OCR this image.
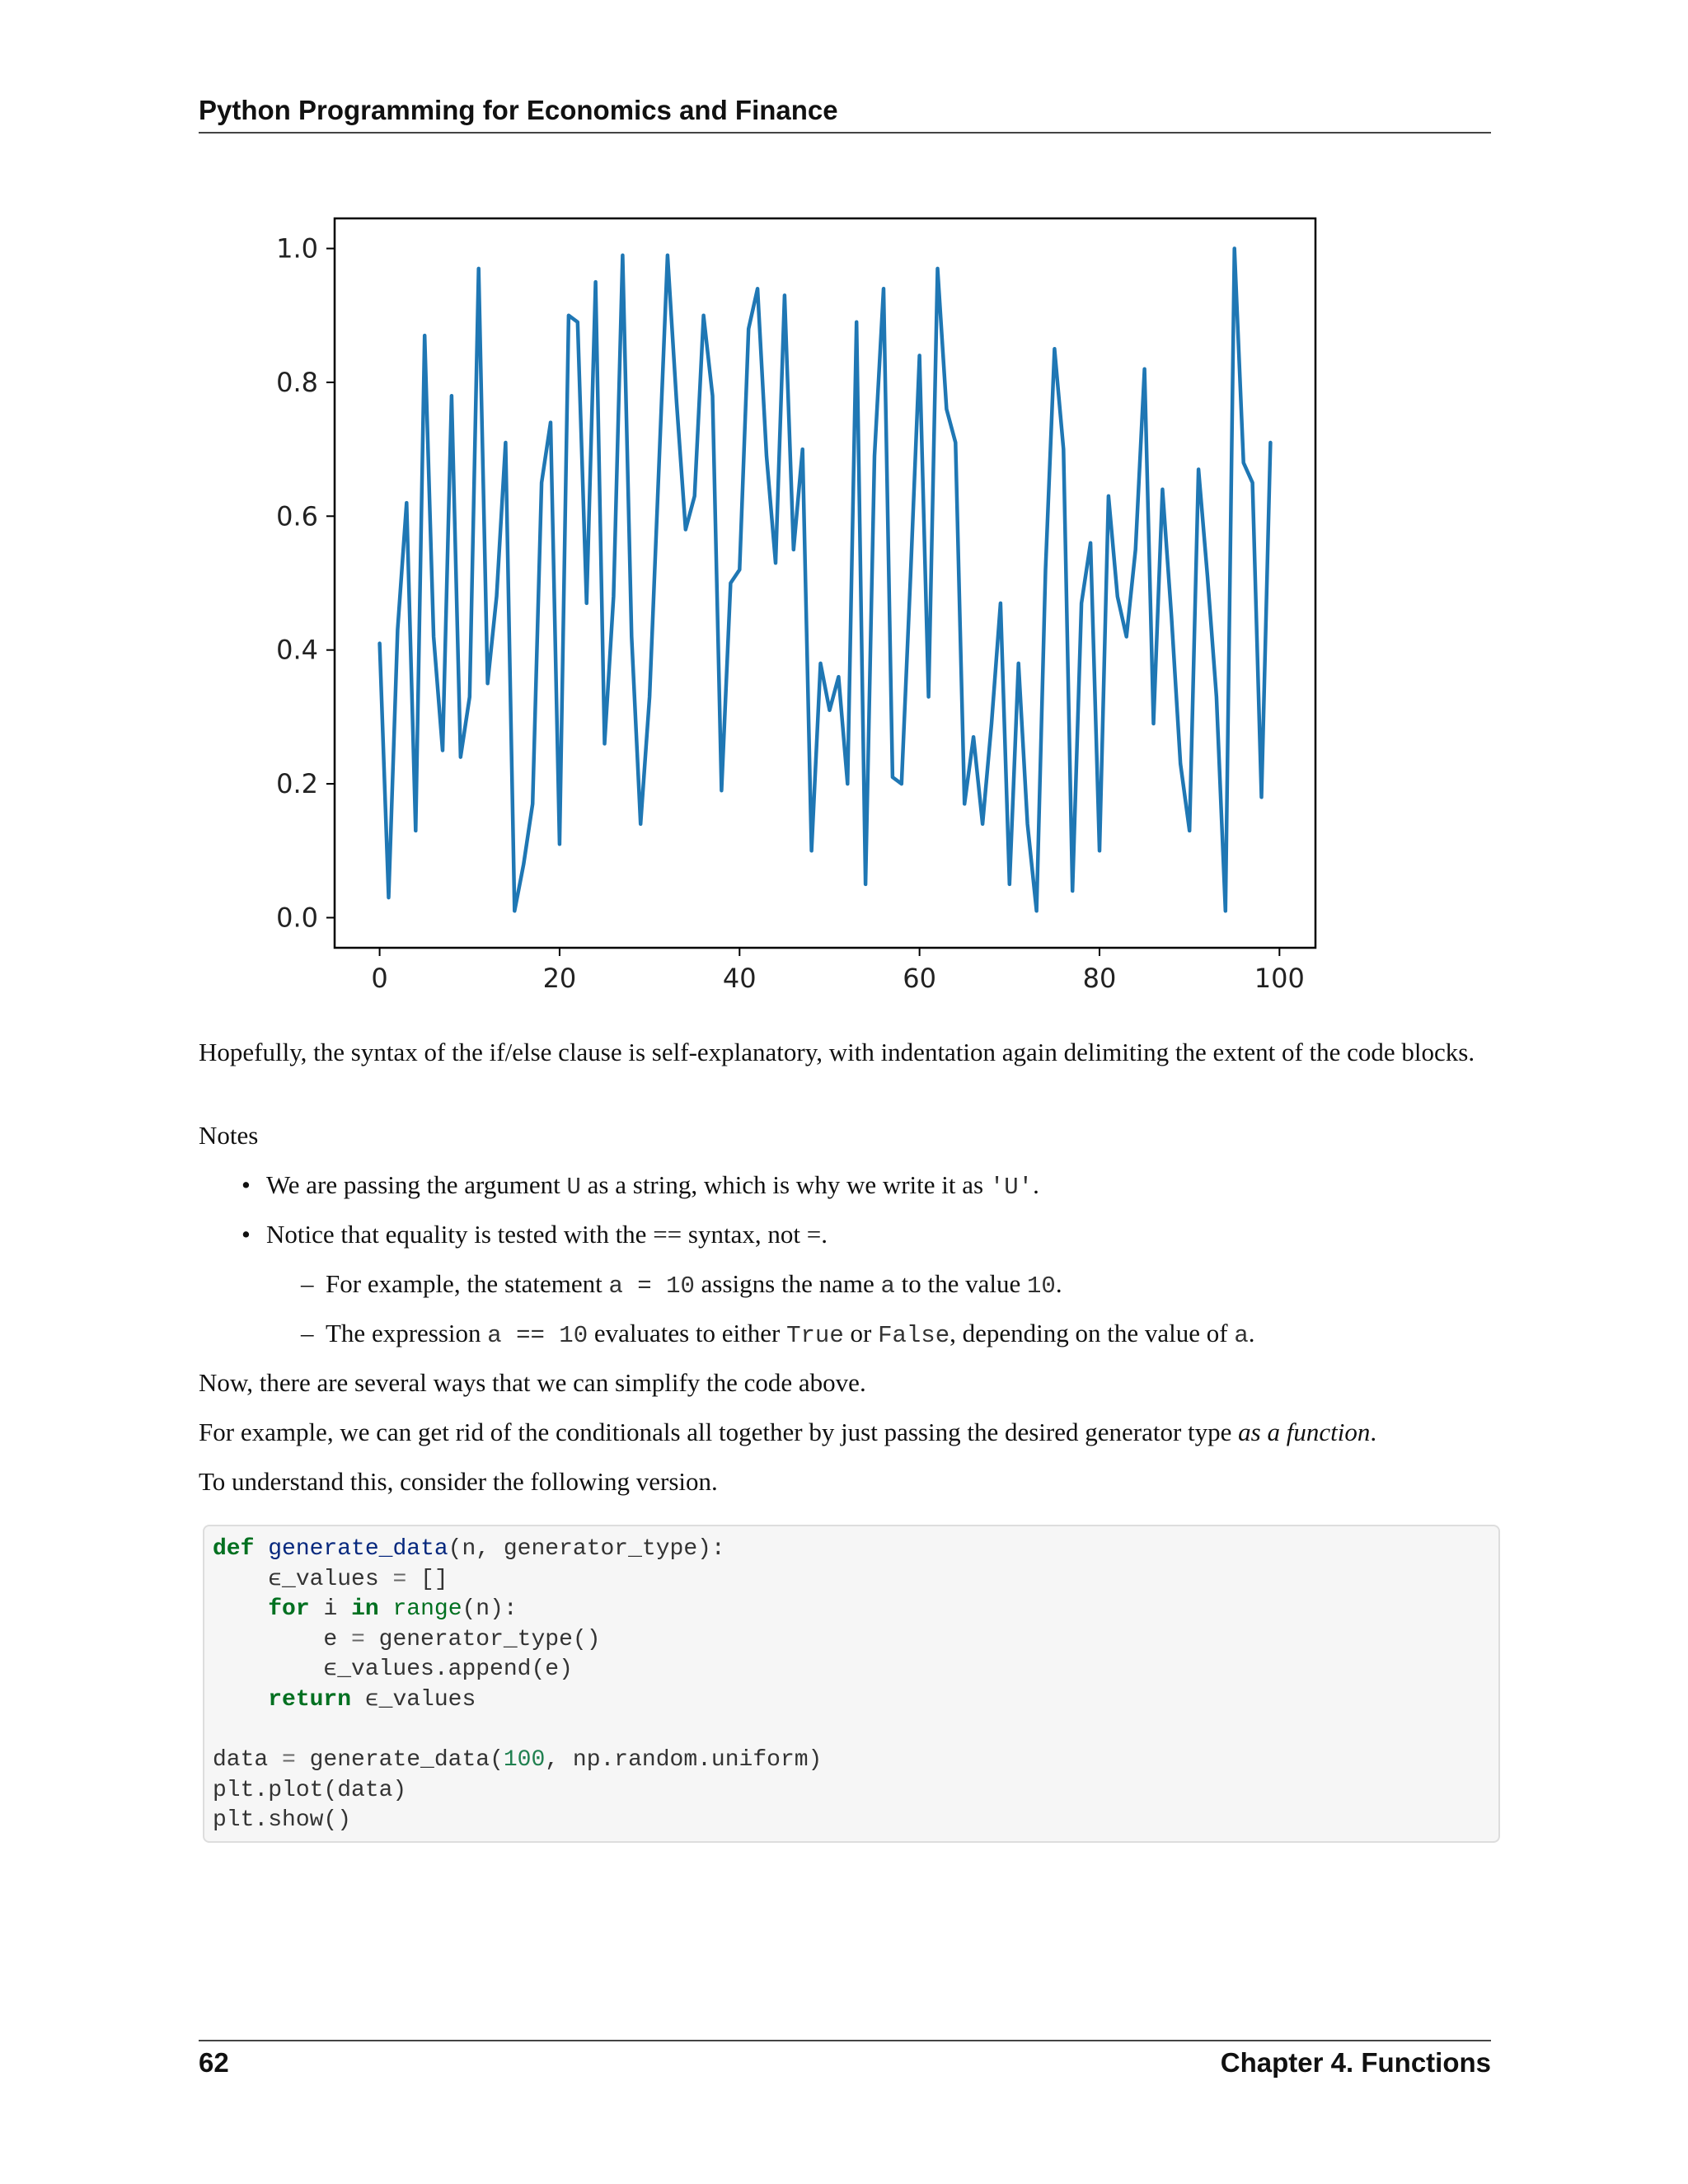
Python Programming for Economics and Finance
0.0
0.2
0.4
0.6
0.8
1.0
0	20	40	60	80	100

Hopefully, the syntax of the if/else clause is self-explanatory, with indentation again delimiting the extent of the code blocks.

Notes

• We are passing the argument U as a string, which is why we write it as 'U'.
• Notice that equality is tested with the == syntax, not =.
– For example, the statement a = 10 assigns the name a to the value 10.
– The expression a == 10 evaluates to either True or False, depending on the value of a.

Now, there are several ways that we can simplify the code above.

For example, we can get rid of the conditionals all together by just passing the desired generator type as a function.

To understand this, consider the following version.

def generate_data(n, generator_type):
ϵ_values = []
for i in range(n):
e = generator_type()
ϵ_values.append(e)
return ϵ_values

data = generate_data(100, np.random.uniform)
plt.plot(data)
plt.show()
62	Chapter 4. Functions
